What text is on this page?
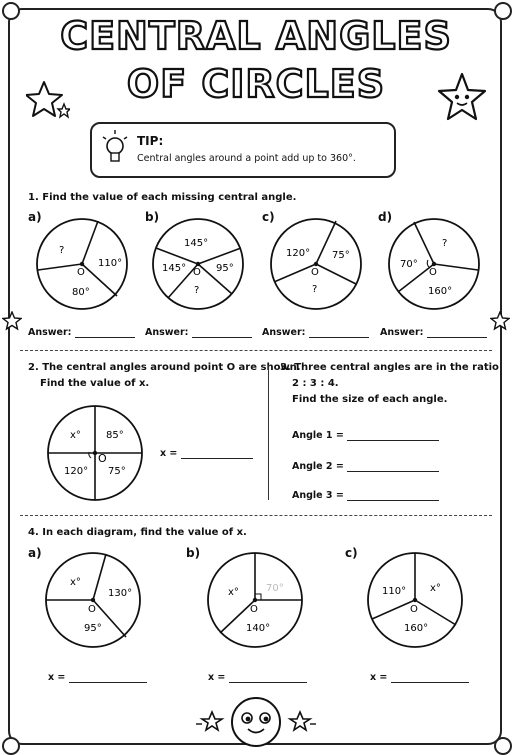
CENTRAL ANGLES
OF CIRCLES
TIP:
Central angles around a point add up to 360°.
1. Find the value of each missing central angle.
a)	b)	c)	d)
O
?
110°
80°
O
145°
145°	95°
?
O
120° 75°
?
O
?
70°
160°
Answer:	Answer:	Answer:	Answer:
2. The central angles around point O are shown.
Find the value of x.
O
x°	85°
120° 75°
x =
3. Three central angles are in the ratio
2 : 3 : 4.
Find the size of each angle.
Angle 1 =
Angle 2 =
Angle 3 =
4. In each diagram, find the value of x.
a)	b)	c)
O
x°
130°
95°
O
x°	70°
140°
O
110° x°
160°
x =	x =	x =
